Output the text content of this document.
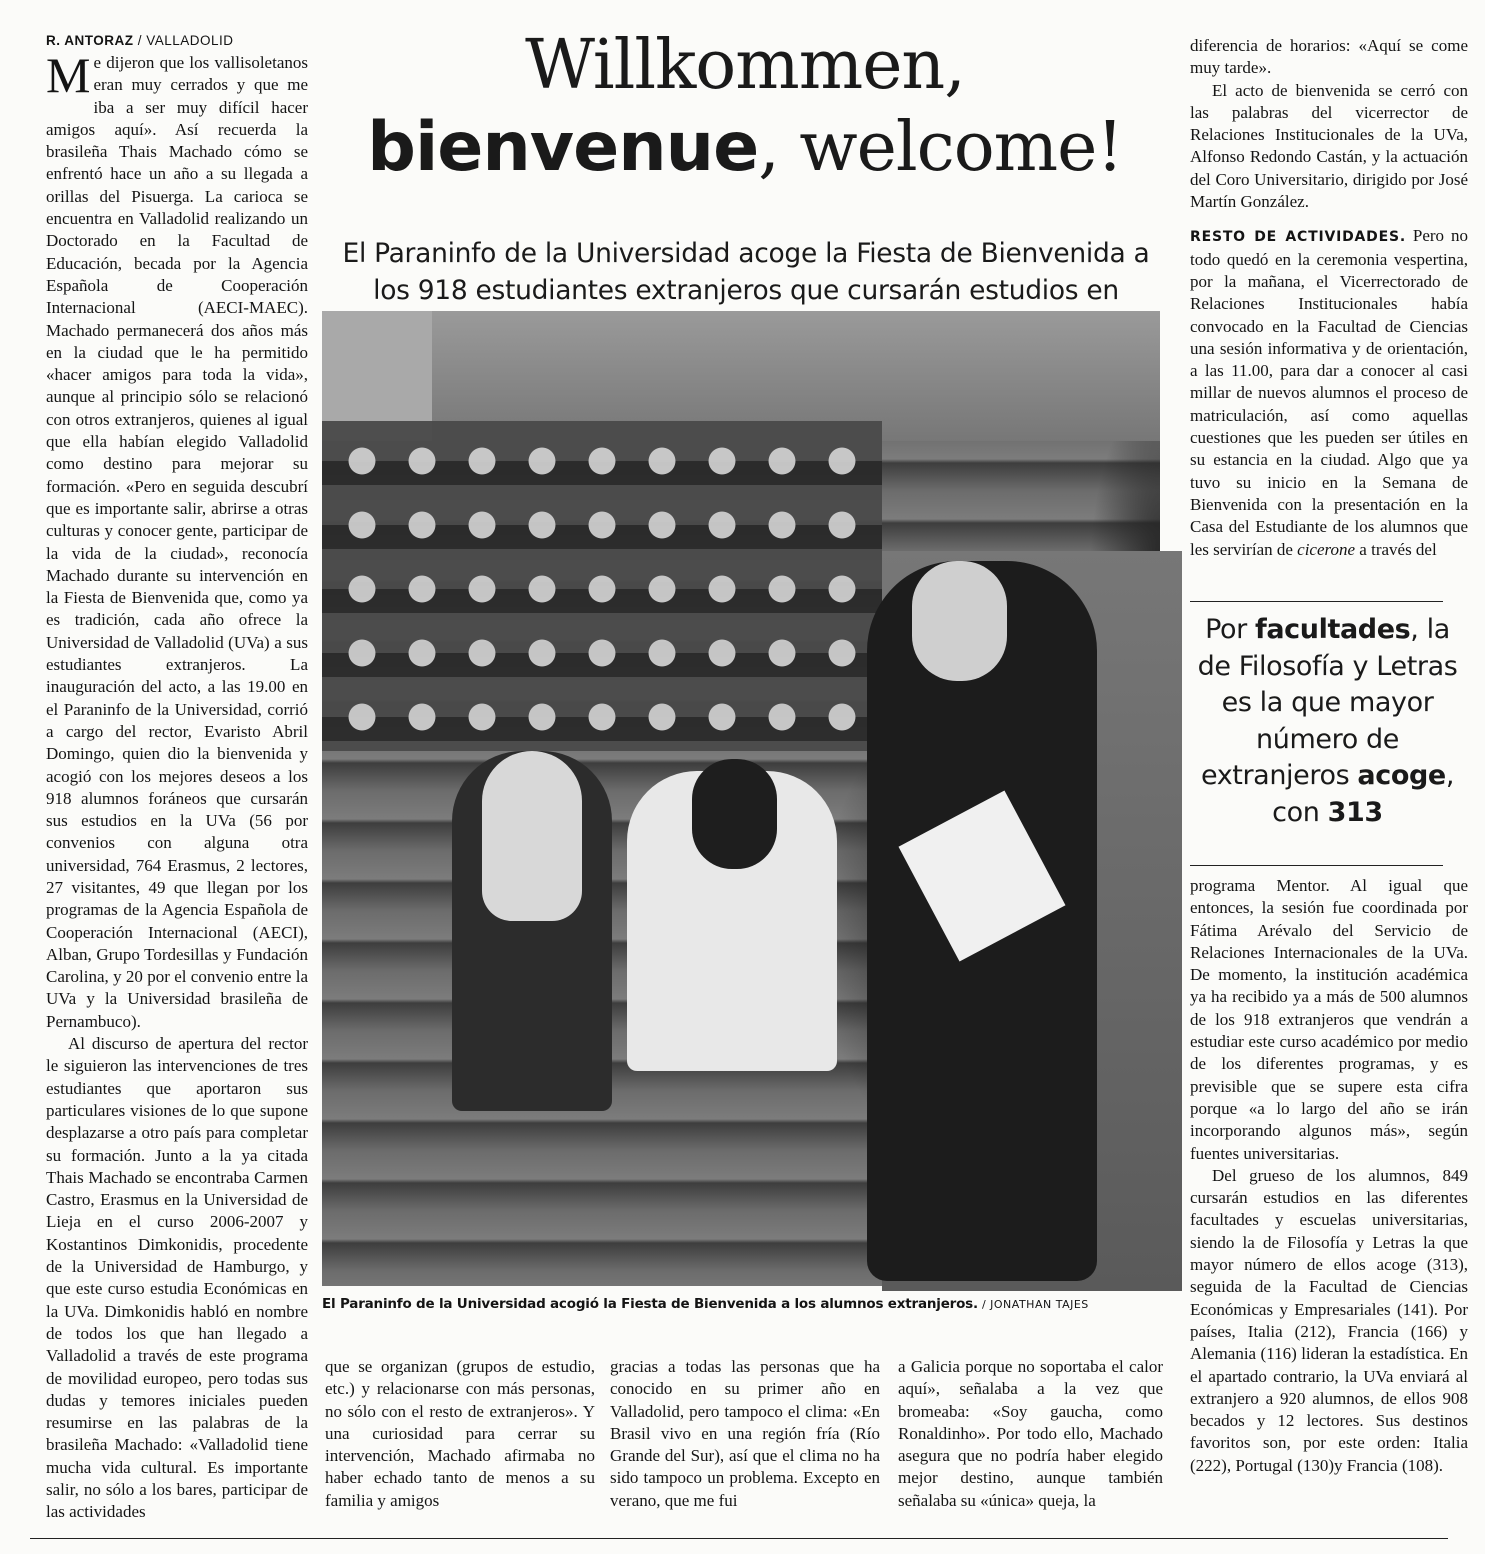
R. ANTORAZ / VALLADOLID

Me dijeron que los vallisoletanos eran muy cerrados y que me iba a ser muy difícil hacer amigos aquí». Así recuerda la brasileña Thais Machado cómo se enfrentó hace un año a su llegada a orillas del Pisuerga. La carioca se encuentra en Valladolid realizando un Doctorado en la Facultad de Educación, becada por la Agencia Española de Cooperación Internacional (AECI-MAEC). Machado permanecerá dos años más en la ciudad que le ha permitido «hacer amigos para toda la vida», aunque al principio sólo se relacionó con otros extranjeros, quienes al igual que ella habían elegido Valladolid como destino para mejorar su formación. «Pero en seguida descubrí que es importante salir, abrirse a otras culturas y conocer gente, participar de la vida de la ciudad», reconocía Machado durante su intervención en la Fiesta de Bienvenida que, como ya es tradición, cada año ofrece la Universidad de Valladolid (UVa) a sus estudiantes extranjeros. La inauguración del acto, a las 19.00 en el Paraninfo de la Universidad, corrió a cargo del rector, Evaristo Abril Domingo, quien dio la bienvenida y acogió con los mejores deseos a los 918 alumnos foráneos que cursarán sus estudios en la UVa (56 por convenios con alguna otra universidad, 764 Erasmus, 2 lectores, 27 visitantes, 49 que llegan por los programas de la Agencia Española de Cooperación Internacional (AECI), Alban, Grupo Tordesillas y Fundación Carolina, y 20 por el convenio entre la UVa y la Universidad brasileña de Pernambuco).

Al discurso de apertura del rector le siguieron las intervenciones de tres estudiantes que aportaron sus particulares visiones de lo que supone desplazarse a otro país para completar su formación. Junto a la ya citada Thais Machado se encontraba Carmen Castro, Erasmus en la Universidad de Lieja en el curso 2006-2007 y Kostantinos Dimkonidis, procedente de la Universidad de Hamburgo, y que este curso estudia Económicas en la UVa. Dimkonidis habló en nombre de todos los que han llegado a Valladolid a través de este programa de movilidad europeo, pero todas sus dudas y temores iniciales pueden resumirse en las palabras de la brasileña Machado: «Valladolid tiene mucha vida cultural. Es importante salir, no sólo a los bares, participar de las actividades

Willkommen,
bienvenue, welcome!
El Paraninfo de la Universidad acoge la Fiesta de Bienvenida a los 918 estudiantes extranjeros que cursarán estudios en
El Paraninfo de la Universidad acogió la Fiesta de Bienvenida a los alumnos extranjeros. / JONATHAN TAJES

que se organizan (grupos de estudio, etc.) y relacionarse con más personas, no sólo con el resto de extranjeros». Y una curiosidad para cerrar su intervención, Machado afirmaba no haber echado tanto de menos a su familia y amigos

gracias a todas las personas que ha conocido en su primer año en Valladolid, pero tampoco el clima: «En Brasil vivo en una región fría (Río Grande del Sur), así que el clima no ha sido tampoco un problema. Excepto en verano, que me fui

a Galicia porque no soportaba el calor aquí», señalaba a la vez que bromeaba: «Soy gaucha, como Ronaldinho». Por todo ello, Machado asegura que no podría haber elegido mejor destino, aunque también señalaba su «única» queja, la

diferencia de horarios: «Aquí se come muy tarde».

El acto de bienvenida se cerró con las palabras del vicerrector de Relaciones Institucionales de la UVa, Alfonso Redondo Castán, y la actuación del Coro Universitario, dirigido por José Martín González.

RESTO DE ACTIVIDADES. Pero no todo quedó en la ceremonia vespertina, por la mañana, el Vicerrectorado de Relaciones Institucionales había convocado en la Facultad de Ciencias una sesión informativa y de orientación, a las 11.00, para dar a conocer al casi millar de nuevos alumnos el proceso de matriculación, así como aquellas cuestiones que les pueden ser útiles en su estancia en la ciudad. Algo que ya tuvo su inicio en la Semana de Bienvenida con la presentación en la Casa del Estudiante de los alumnos que les servirían de cicerone a través del

Por facultades, la de Filosofía y Letras es la que mayor número de extranjeros acoge, con 313

programa Mentor. Al igual que entonces, la sesión fue coordinada por Fátima Arévalo del Servicio de Relaciones Internacionales de la UVa. De momento, la institución académica ya ha recibido ya a más de 500 alumnos de los 918 extranjeros que vendrán a estudiar este curso académico por medio de los diferentes programas, y es previsible que se supere esta cifra porque «a lo largo del año se irán incorporando algunos más», según fuentes universitarias.

Del grueso de los alumnos, 849 cursarán estudios en las diferentes facultades y escuelas universitarias, siendo la de Filosofía y Letras la que mayor número de ellos acoge (313), seguida de la Facultad de Ciencias Económicas y Empresariales (141). Por países, Italia (212), Francia (166) y Alemania (116) lideran la estadística. En el apartado contrario, la UVa enviará al extranjero a 920 alumnos, de ellos 908 becados y 12 lectores. Sus destinos favoritos son, por este orden: Italia (222), Portugal (130)y Francia (108).
